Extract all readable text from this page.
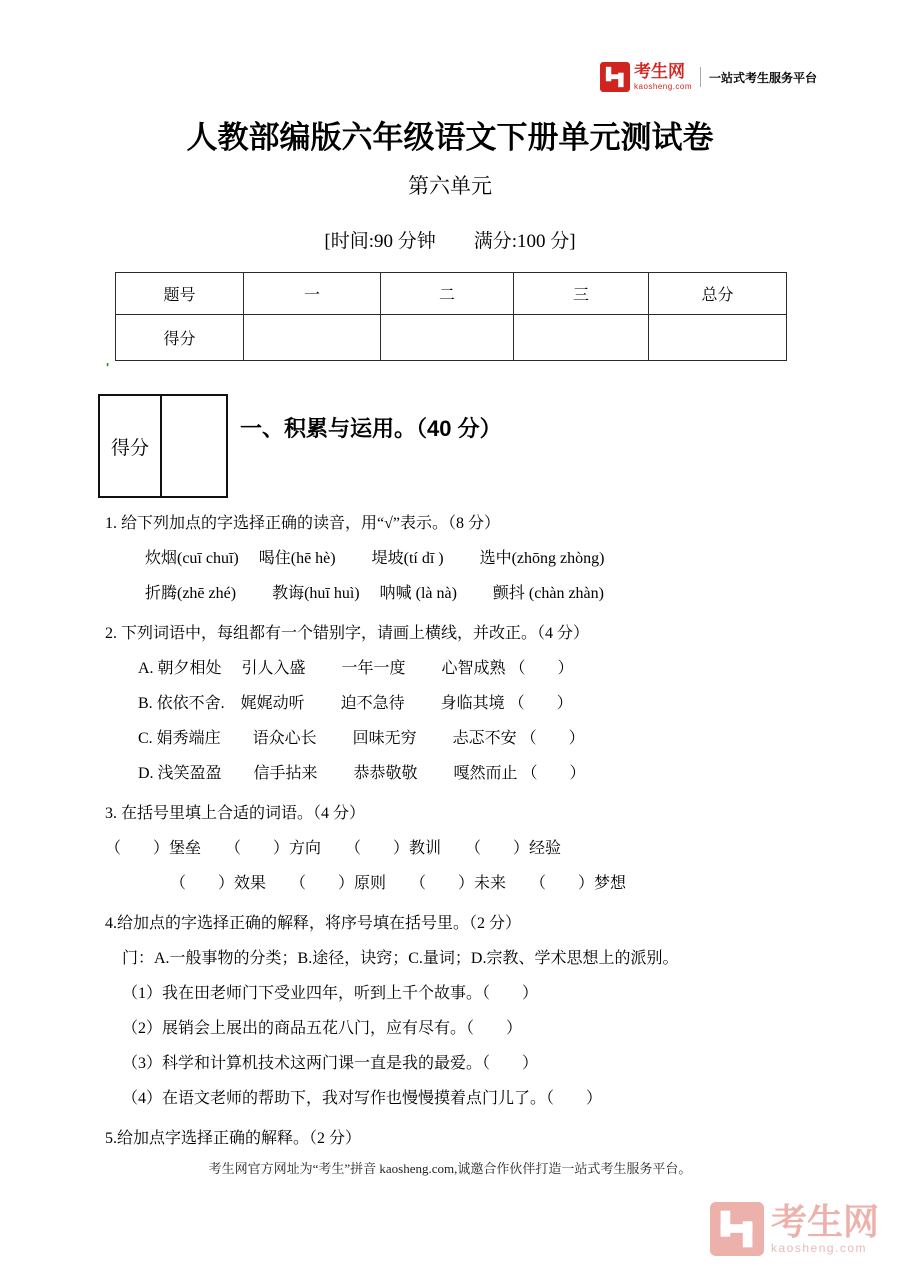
考生网
kaosheng.com
一站式考生服务平台
人教部编版六年级语文下册单元测试卷
第六单元
[时间:90 分钟　　满分:100 分]
题号	一	二	三	总分
得分				
'
得分
一、积累与运用。（40 分）

1. 给下列加点的字选择正确的读音，用“√”表示。（8 分）

炊烟(cuī chuī)　 喝住(hē hè)　　 堤坡(tí dī )　　 选中(zhōng zhòng)

折腾(zhē zhé)　　 教诲(huī huì)　 呐喊 (là nà)　　 颤抖 (chàn zhàn)

2. 下列词语中，每组都有一个错别字，请画上横线，并改正。（4 分）

A. 朝夕相处　 引人入盛　　 一年一度　　 心智成熟 （　　）

B. 依依不舍.　娓娓动听　　 迫不急待　　 身临其境 （　　）

C. 娟秀端庄　　语众心长　　 回味无穷　　 忐忑不安 （　　）

D. 浅笑盈盈　　信手拈来　　 恭恭敬敬　　 嘎然而止 （　　）

3. 在括号里填上合适的词语。（4 分）

（　　）堡垒　　（　　）方向　　（　　）教训　　（　　）经验

（　　）效果　　（　　）原则　　（　　）未来　　（　　）梦想

4.给加点的字选择正确的解释，将序号填在括号里。（2 分）

门：A.一般事物的分类；B.途径，诀窍；C.量词；D.宗教、学术思想上的派别。

（1）我在田老师门下受业四年，听到上千个故事。（　　）

（2）展销会上展出的商品五花八门，应有尽有。（　　）

（3）科学和计算机技术这两门课一直是我的最爱。（　　）

（4）在语文老师的帮助下，我对写作也慢慢摸着点门儿了。（　　）

5.给加点字选择正确的解释。（2 分）

考生网官方网址为“考生”拼音 kaosheng.com,诚邀合作伙伴打造一站式考生服务平台。
考生网
kaosheng.com
